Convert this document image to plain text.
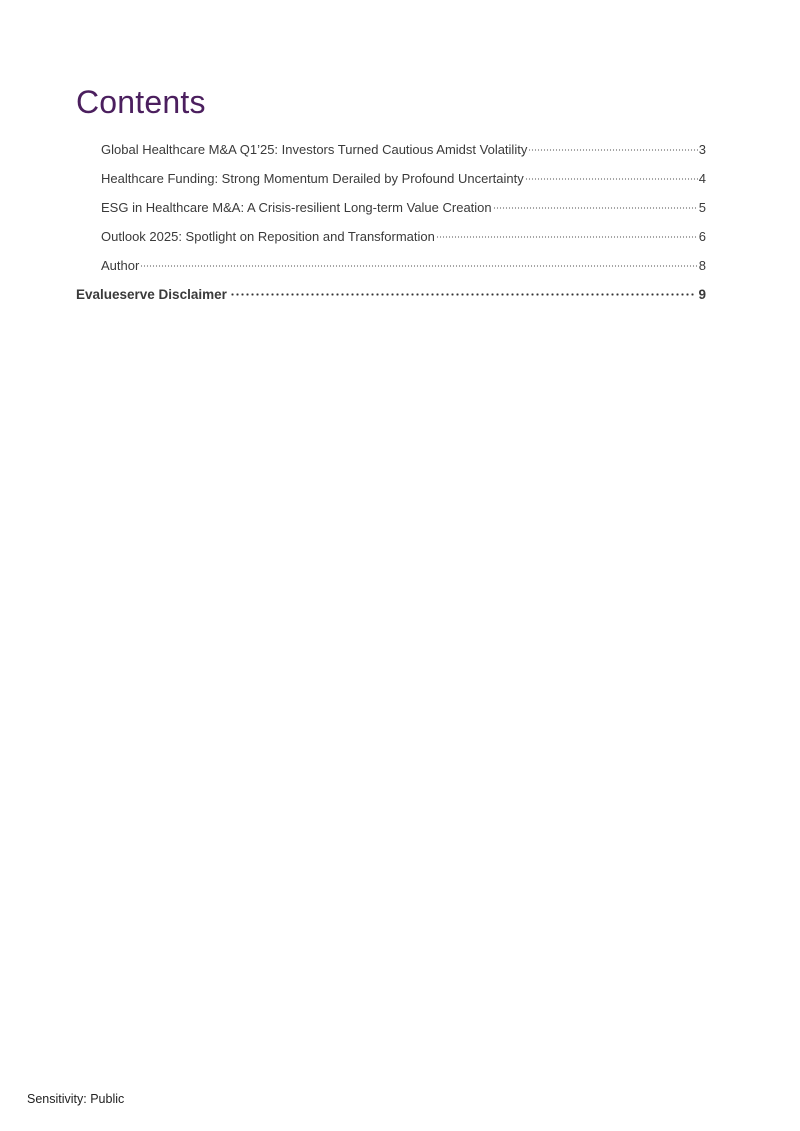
Contents
Global Healthcare M&A Q1’25: Investors Turned Cautious Amidst Volatility	3
Healthcare Funding: Strong Momentum Derailed by Profound Uncertainty	4
ESG in Healthcare M&A: A Crisis-resilient Long-term Value Creation	5
Outlook 2025: Spotlight on Reposition and Transformation	6
Author	8
Evalueserve Disclaimer	9
Sensitivity: Public
